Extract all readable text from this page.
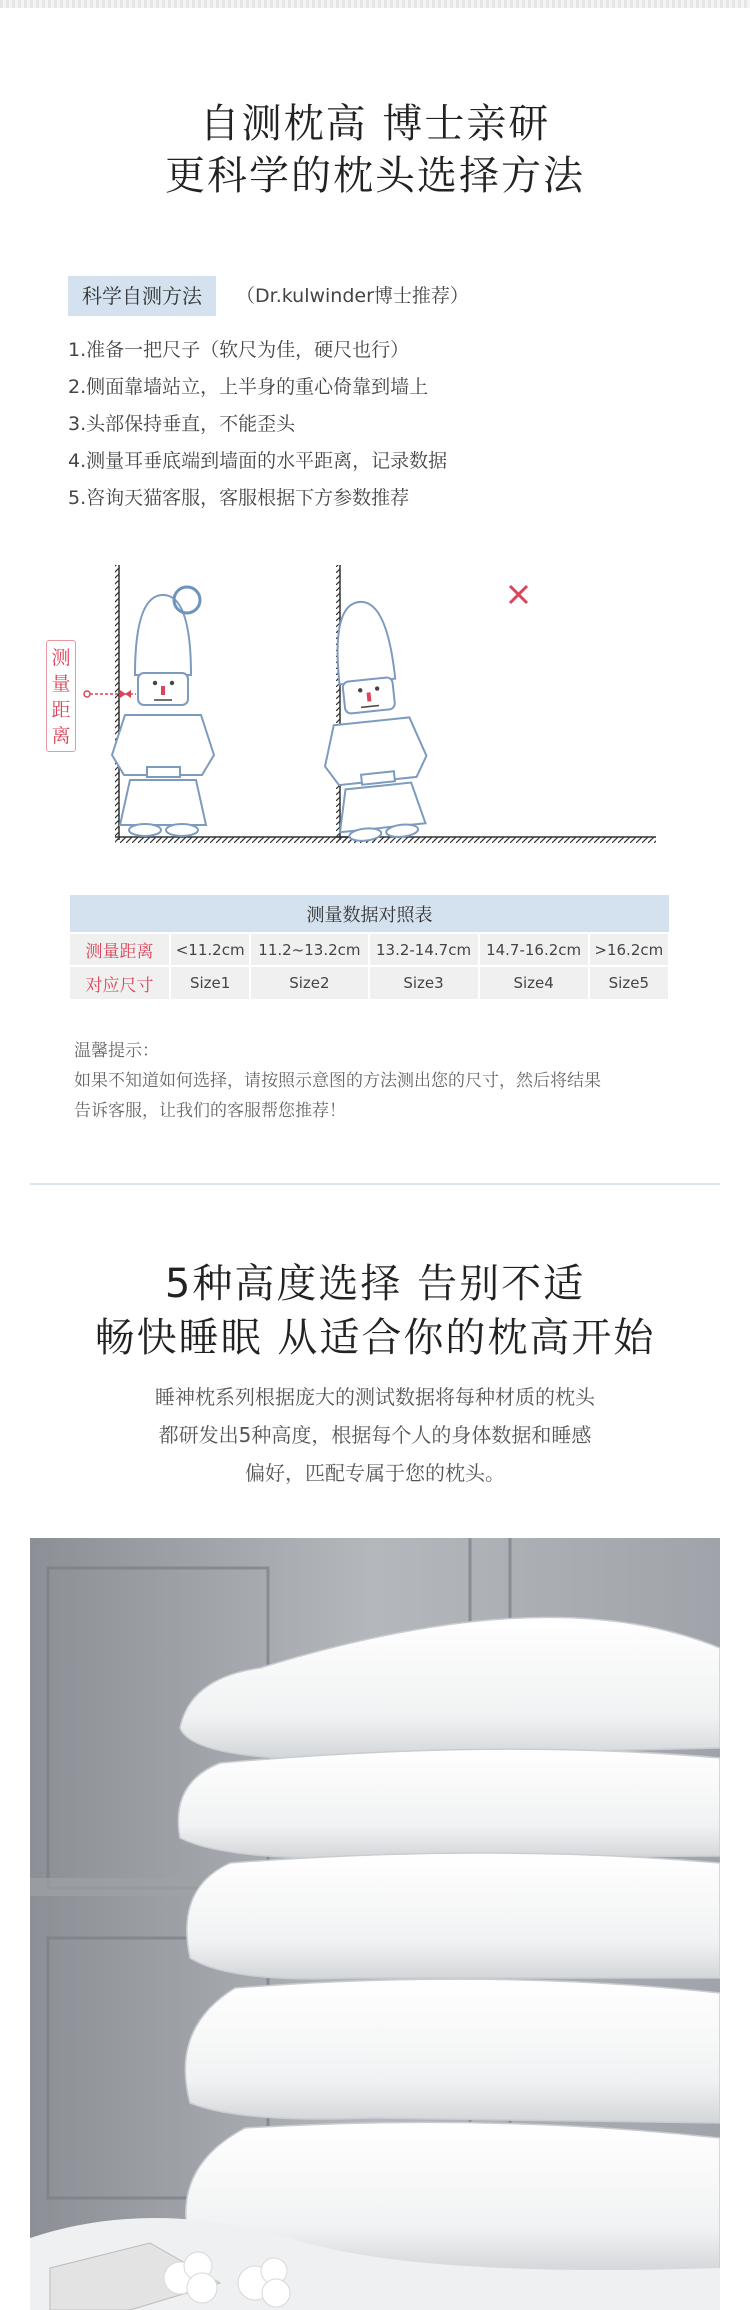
自测枕高 博士亲研
更科学的枕头选择方法
科学自测方法	（Dr.kulwinder博士推荐）
1.准备一把尺子（软尺为佳，硬尺也行）
2.侧面靠墙站立，上半身的重心倚靠到墙上
3.头部保持垂直，不能歪头
4.测量耳垂底端到墙面的水平距离，记录数据
5.咨询天猫客服，客服根据下方参数推荐
测量距离
测量数据对照表					
测量距离	<11.2cm	11.2~13.2cm	13.2-14.7cm	14.7-16.2cm	>16.2cm
对应尺寸	Size1	Size2	Size3	Size4	Size5
温馨提示：
如果不知道如何选择，请按照示意图的方法测出您的尺寸，然后将结果
告诉客服，让我们的客服帮您推荐！
5种高度选择 告别不适
畅快睡眠 从适合你的枕高开始
睡神枕系列根据庞大的测试数据将每种材质的枕头
都研发出5种高度，根据每个人的身体数据和睡感
偏好，匹配专属于您的枕头。
